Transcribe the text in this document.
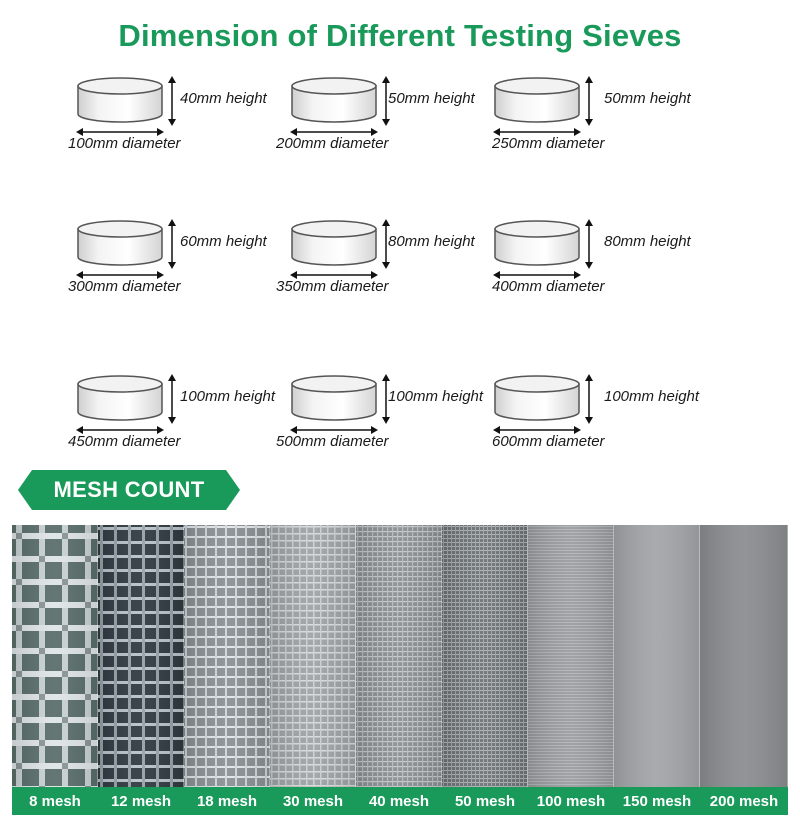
Dimension of Different Testing Sieves
40mm height
100mm diameter
50mm height
200mm diameter
50mm height
250mm diameter
60mm height
300mm diameter
80mm height
350mm diameter
80mm height
400mm diameter
100mm height
450mm diameter
100mm height
500mm diameter
100mm height
600mm diameter
MESH COUNT
8 mesh	12 mesh	18 mesh	30 mesh	40 mesh	50 mesh	100 mesh	150 mesh	200 mesh
